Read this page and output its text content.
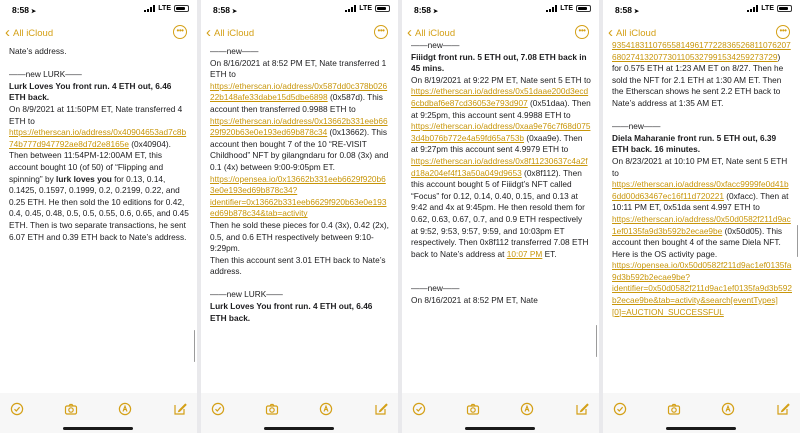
8:58 ➤	LTE
‹ All iCloud	•••

Nate’s address.

——new LURK——

Lurk Loves You front run. 4 ETH out, 6.46 ETH back.

On 8/9/2021 at 11:50PM ET, Nate transferred 4 ETH to https://etherscan.io/address/0x40904653ad7c8b74b777d947792ae8d7d2e8165e (0x40904). Then between 11:54PM-12:00AM ET, this account bought 10 (of 50) of “Flipping and spinning” by lurk loves you for 0.13, 0.14, 0.1425, 0.1597, 0.1999, 0.2, 0.2199, 0.22, and 0.25 ETH. He then sold the 10 editions for 0.42, 0.4, 0.45, 0.48, 0.5, 0.5, 0.55, 0.6, 0.65, and 0.45 ETH. Then is two separate transactions, he sent 6.07 ETH and 0.39 ETH back to Nate’s address.

8:58 ➤	LTE
‹ All iCloud	•••

——new——

On 8/16/2021 at 8:52 PM ET, Nate transferred 1 ETH to https://etherscan.io/address/0x587dd0c378b02622b148afe33dabe15d5dbe6898 (0x587d). This account then transferred 0.9988 ETH to https://etherscan.io/address/0x13662b331eeb6629f920b63e0e193ed69b878c34 (0x13662). This account then bought 7 of the 10 “RE-VISIT Childhood” NFT by gilangndaru for 0.08 (3x) and 0.1 (4x) between 9:00-9:05pm ET.

https://opensea.io/0x13662b331eeb6629f920b63e0e193ed69b878c34?identifier=0x13662b331eeb6629f920b63e0e193ed69b878c34&tab=activity

Then he sold these pieces for 0.4 (3x), 0.42 (2x), 0.5, and 0.6 ETH respectively between 9:10-9:29pm.

Then this account sent 3.01 ETH back to Nate’s address.

——new LURK——

Lurk Loves You front run. 4 ETH out, 6.46 ETH back.

8:58 ➤	LTE
‹ All iCloud	•••

——new——

Fiiidgt front run. 5 ETH out, 7.08 ETH back in 45 mins.

On 8/19/2021 at 9:22 PM ET, Nate sent 5 ETH to https://etherscan.io/address/0x51daae200d3ecd6cbdbaf6e87cd36053e793d907 (0x51daa). Then at 9:25pm, this account sent 4.9988 ETH to https://etherscan.io/address/0xaa9e76c7f68d0753d4b076b772e4a59fd65a753b (0xaa9e). Then at 9:27pm this account sent 4.9979 ETH to https://etherscan.io/address/0x8f11230637c4a2fd18a204ef4f13a50a049d9653 (0x8f112). Then this account bought 5 of Fiiidgt’s NFT called “Focus” for 0.12, 0.14, 0.40, 0.15, and 0.13 at 9:42 and 4x at 9:45pm. He then resold them for 0.62, 0.63, 0.67, 0.7, and 0.9 ETH respectively at 9:52, 9:53, 9:57, 9:59, and 10:03pm ET respectively. Then 0x8f112 transferred 7.08 ETH back to Nate’s address at 10:07 PM ET.

——new——

On 8/16/2021 at 8:52 PM ET, Nate

8:58 ➤	LTE
‹ All iCloud	•••

935418311076558149617722836526811076207680274132077301105327991534259273729) for 0.575 ETH at 1:23 AM ET on 8/27. Then he sold the NFT for 2.1 ETH at 1:30 AM ET. Then the Etherscan shows he sent 2.2 ETH back to Nate’s address at 1:35 AM ET.

——new——

Diela Maharanie front run. 5 ETH out, 6.39 ETH back. 16 minutes.

On 8/23/2021 at 10:10 PM ET, Nate sent 5 ETH to https://etherscan.io/address/0xfacc9999fe0d41b6dd00d63467ec16f11d720221 (0xfacc). Then at 10:11 PM ET, 0x51da sent 4.997 ETH to https://etherscan.io/address/0x50d0582f211d9ac1ef0135fa9d3b592b2ecae9be (0x50d05). This account then bought 4 of the same Diela NFT. Here is the OS activity page. https://opensea.io/0x50d0582f211d9ac1ef0135fa9d3b592b2ecae9be?identifier=0x50d0582f211d9ac1ef0135fa9d3b592b2ecae9be&tab=activity&search[eventTypes][0]=AUCTION_SUCCESSFUL
